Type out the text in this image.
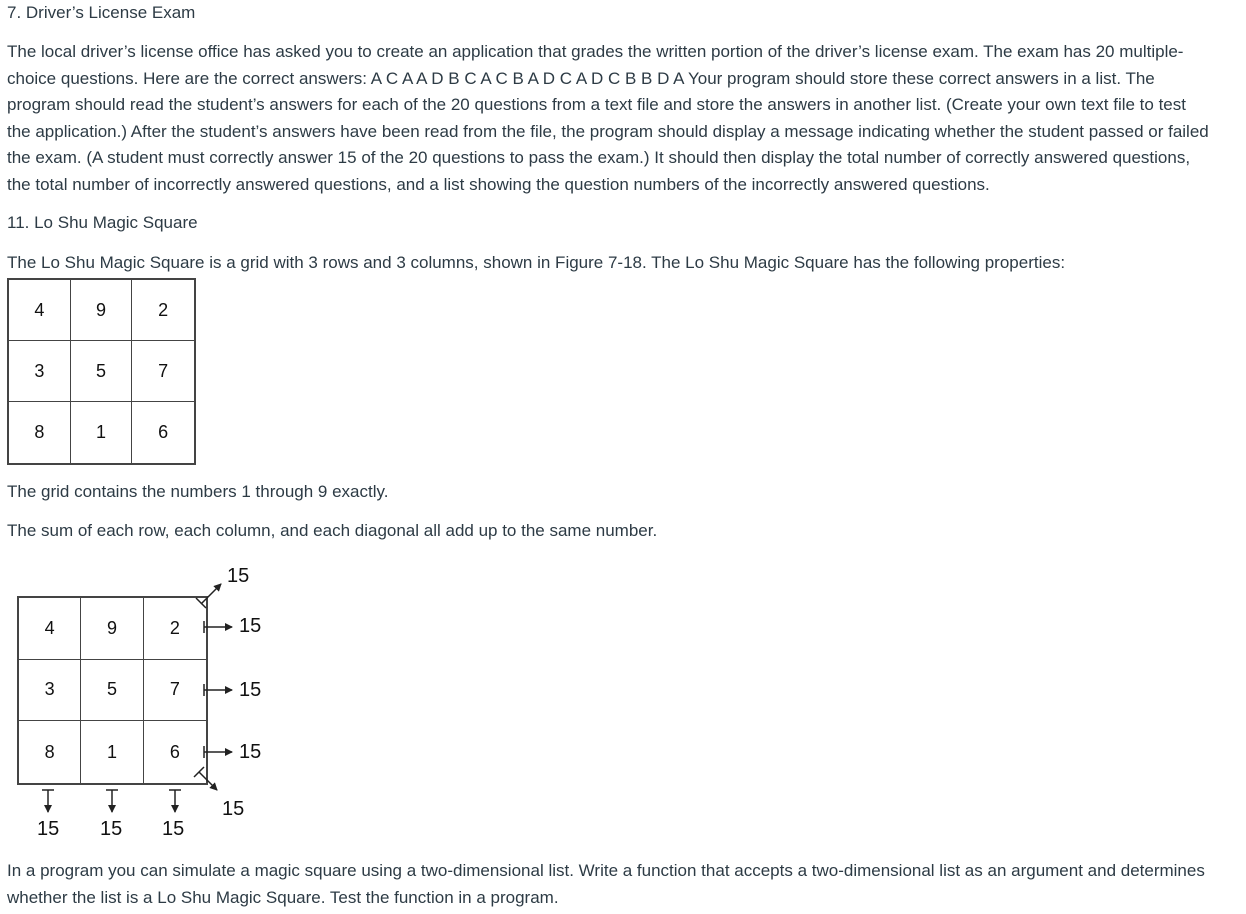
7. Driver’s License Exam
The local driver’s license office has asked you to create an application that grades the written portion of the driver’s license exam. The exam has 20 multiple-
choice questions. Here are the correct answers: A C A A D B C A C B A D C A D C B B D A Your program should store these correct answers in a list. The
program should read the student’s answers for each of the 20 questions from a text file and store the answers in another list. (Create your own text file to test
the application.) After the student’s answers have been read from the file, the program should display a message indicating whether the student passed or failed
the exam. (A student must correctly answer 15 of the 20 questions to pass the exam.) It should then display the total number of correctly answered questions,
the total number of incorrectly answered questions, and a list showing the question numbers of the incorrectly answered questions.
11. Lo Shu Magic Square
The Lo Shu Magic Square is a grid with 3 rows and 3 columns, shown in Figure 7-18. The Lo Shu Magic Square has the following properties:
4	9	2
3	5	7
8	1	6
The grid contains the numbers 1 through 9 exactly.
The sum of each row, each column, and each diagonal all add up to the same number.
4	9	2
3	5	7
8	1	6
15
15
15
15
15
15 15 15
In a program you can simulate a magic square using a two-dimensional list. Write a function that accepts a two-dimensional list as an argument and determines
whether the list is a Lo Shu Magic Square. Test the function in a program.
